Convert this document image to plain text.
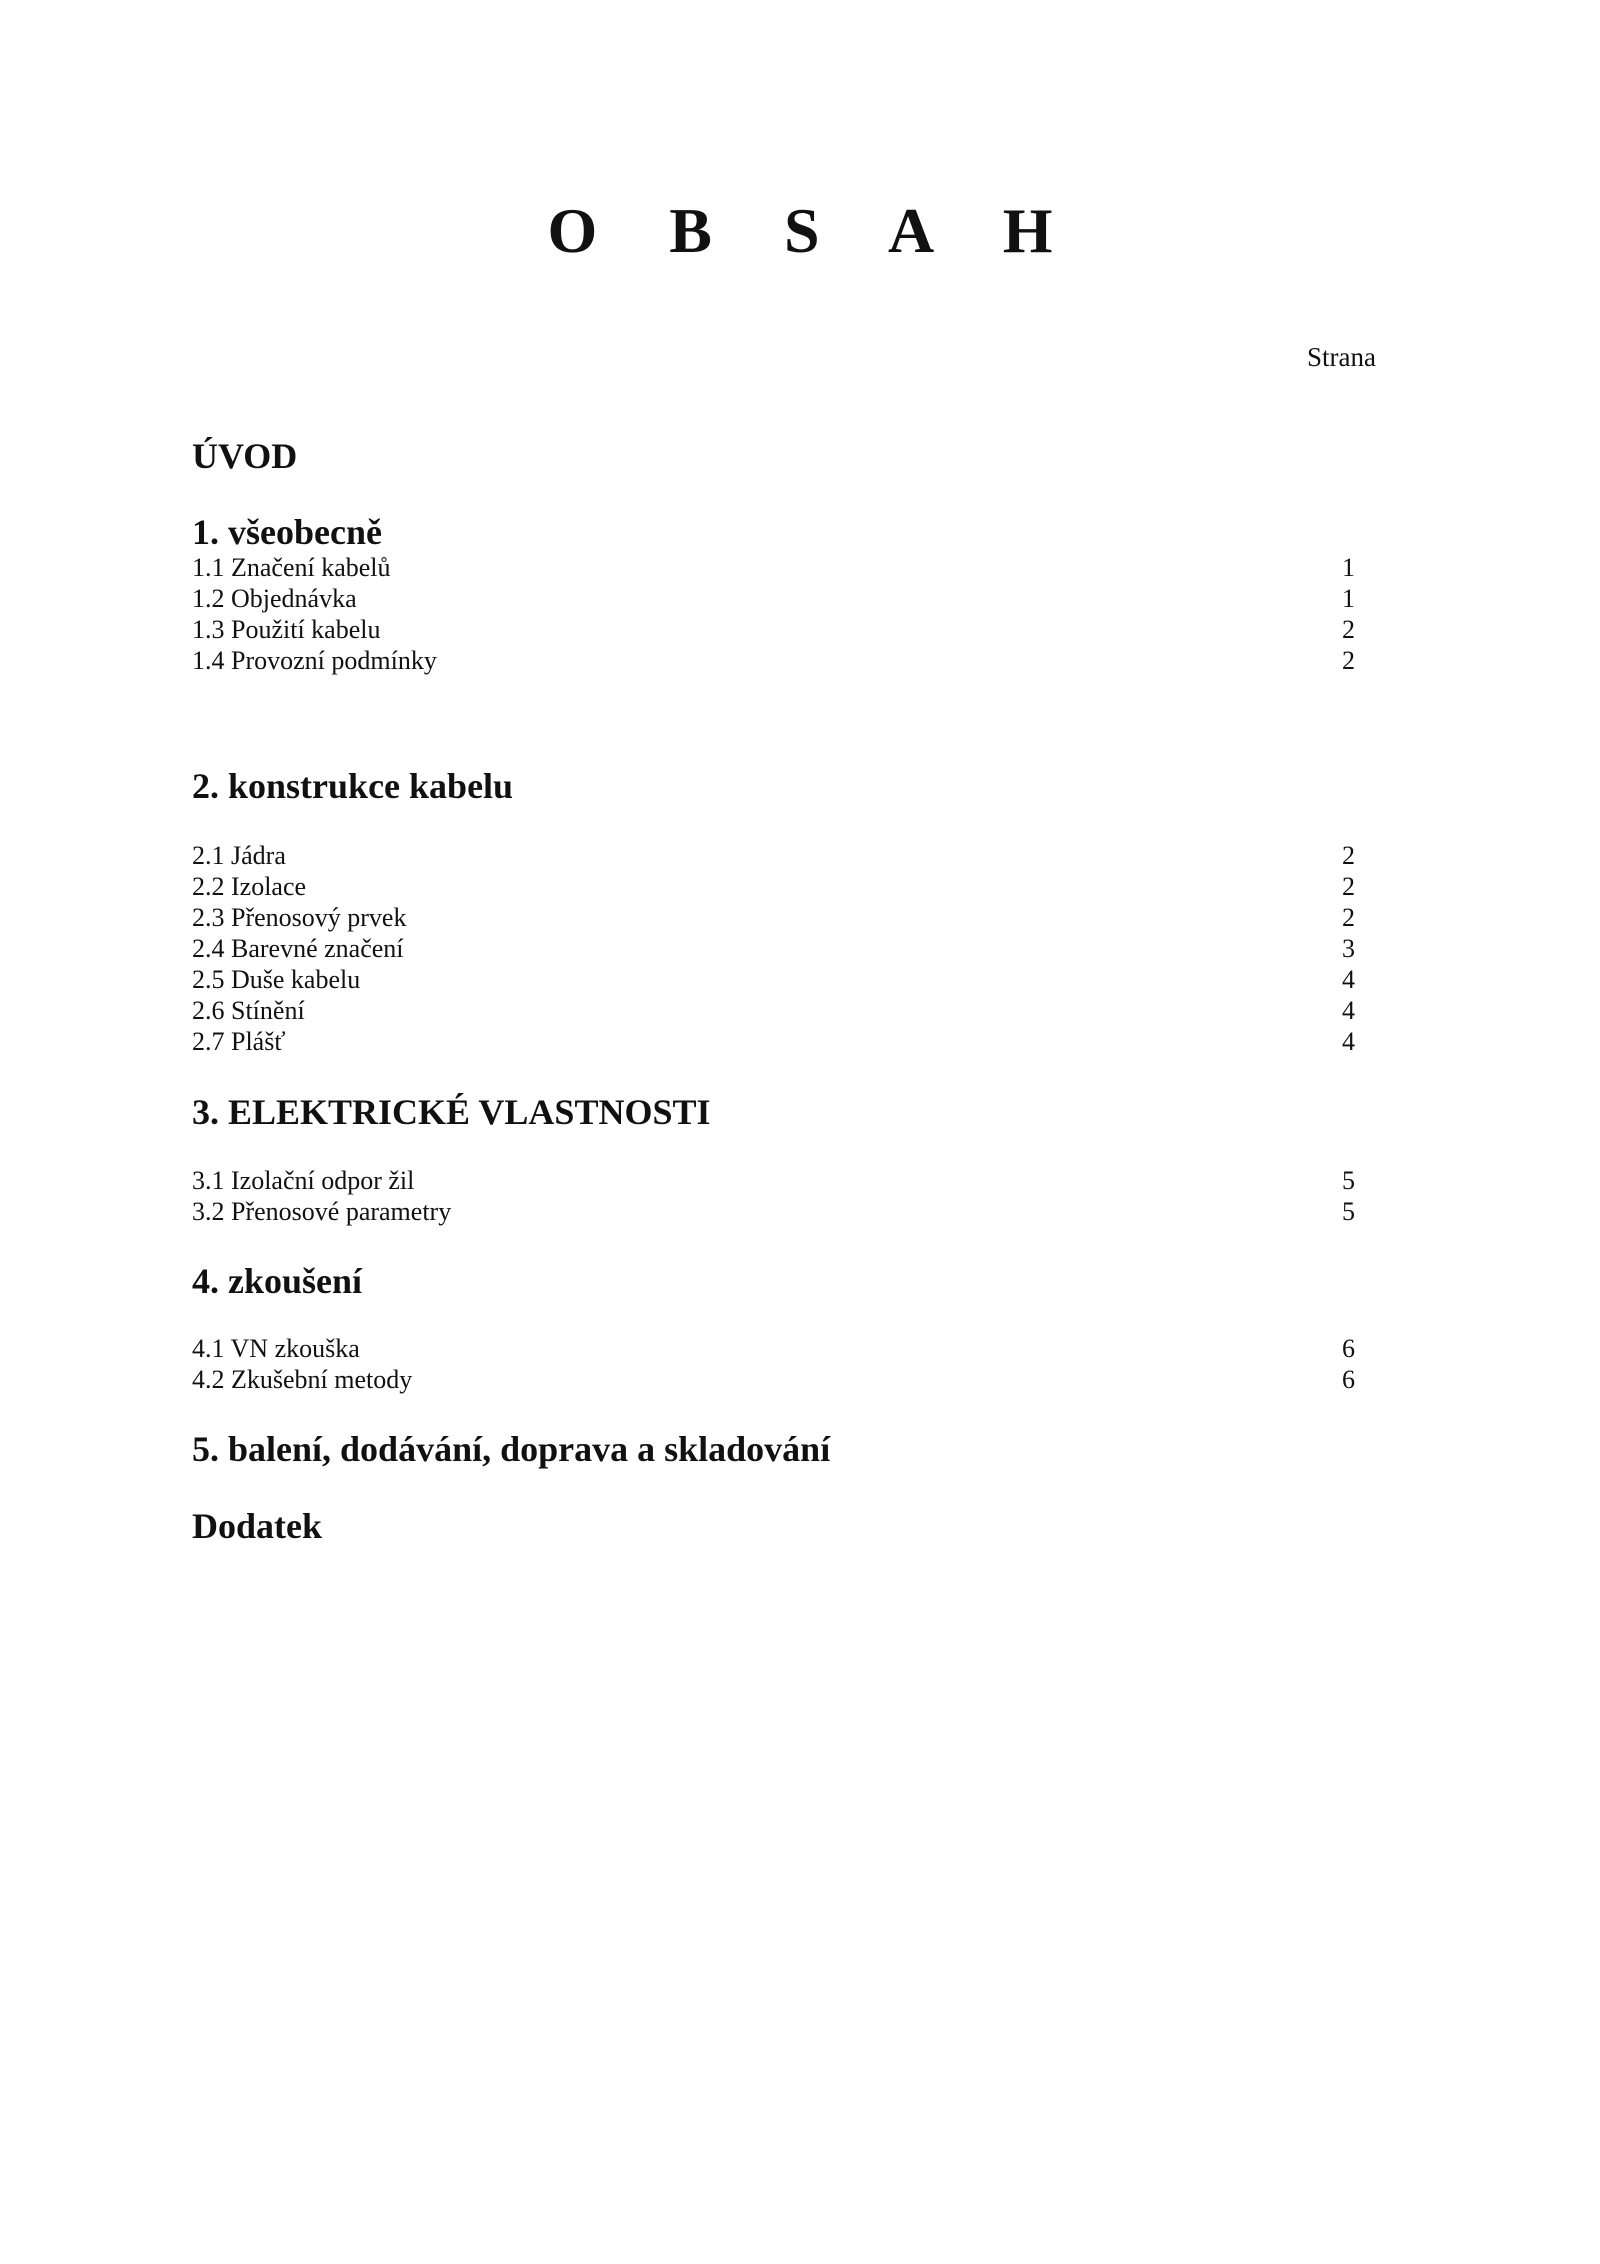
O B S A H
Strana
ÚVOD
1. všeobecně
1.1 Značení kabelů	1
1.2 Objednávka	1
1.3 Použití kabelu	2
1.4 Provozní podmínky	2
2. konstrukce kabelu
2.1 Jádra	2
2.2 Izolace	2
2.3 Přenosový prvek	2
2.4 Barevné značení	3
2.5 Duše kabelu	4
2.6 Stínění	4
2.7 Plášť	4
3. ELEKTRICKÉ VLASTNOSTI
3.1 Izolační odpor žil	5
3.2 Přenosové parametry	5
4. zkoušení
4.1 VN zkouška	6
4.2 Zkušební metody	6
5. balení, dodávání, doprava a skladování
Dodatek
